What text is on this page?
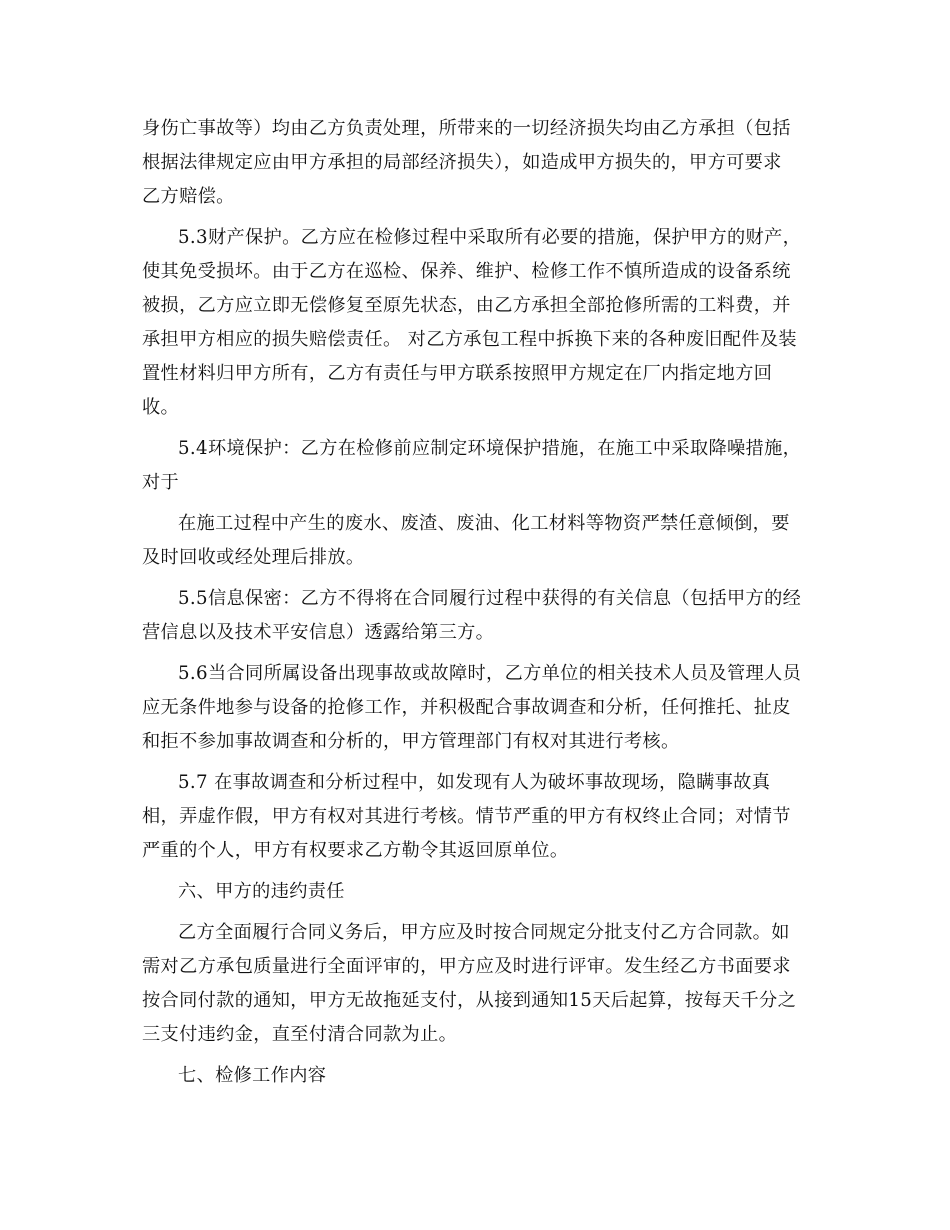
身伤亡事故等）均由乙方负责处理，所带来的一切经济损失均由乙方承担（包括
根据法律规定应由甲方承担的局部经济损失），如造成甲方损失的，甲方可要求
乙方赔偿。
5.3财产保护。乙方应在检修过程中采取所有必要的措施，保护甲方的财产，
使其免受损坏。由于乙方在巡检、保养、维护、检修工作不慎所造成的设备系统
被损，乙方应立即无偿修复至原先状态，由乙方承担全部抢修所需的工料费，并
承担甲方相应的损失赔偿责任。 对乙方承包工程中拆换下来的各种废旧配件及装
置性材料归甲方所有，乙方有责任与甲方联系按照甲方规定在厂内指定地方回
收。
5.4环境保护：乙方在检修前应制定环境保护措施，在施工中采取降噪措施，
对于
在施工过程中产生的废水、废渣、废油、化工材料等物资严禁任意倾倒，要
及时回收或经处理后排放。
5.5信息保密：乙方不得将在合同履行过程中获得的有关信息（包括甲方的经
营信息以及技术平安信息）透露给第三方。
5.6当合同所属设备出现事故或故障时，乙方单位的相关技术人员及管理人员
应无条件地参与设备的抢修工作，并积极配合事故调查和分析，任何推托、扯皮
和拒不参加事故调查和分析的，甲方管理部门有权对其进行考核。
5.7 在事故调查和分析过程中，如发现有人为破坏事故现场，隐瞒事故真
相，弄虚作假，甲方有权对其进行考核。情节严重的甲方有权终止合同；对情节
严重的个人，甲方有权要求乙方勒令其返回原单位。
六、甲方的违约责任
乙方全面履行合同义务后，甲方应及时按合同规定分批支付乙方合同款。如
需对乙方承包质量进行全面评审的，甲方应及时进行评审。发生经乙方书面要求
按合同付款的通知，甲方无故拖延支付，从接到通知15天后起算，按每天千分之
三支付违约金，直至付清合同款为止。
七、检修工作内容
